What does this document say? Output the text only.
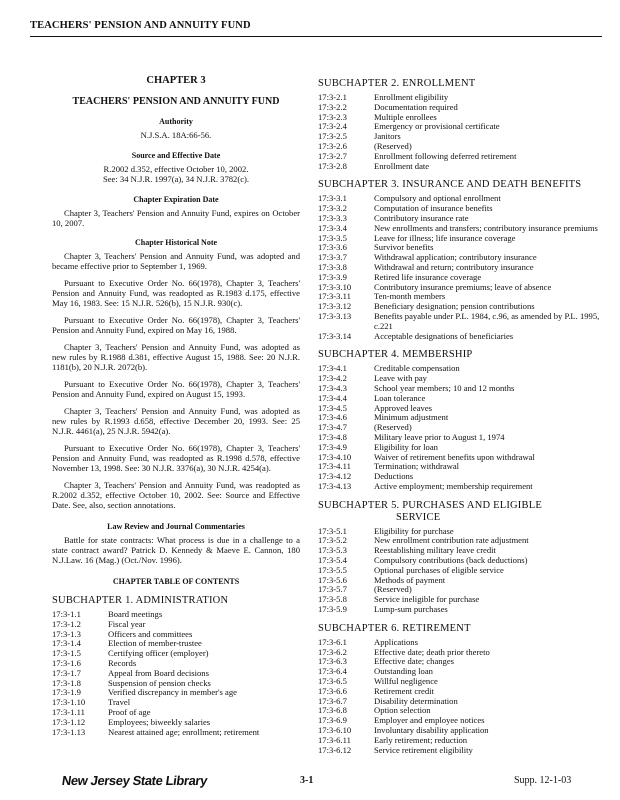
TEACHERS' PENSION AND ANNUITY FUND
CHAPTER 3
TEACHERS' PENSION AND ANNUITY FUND
Authority
N.J.S.A. 18A:66-56.
Source and Effective Date
R.2002 d.352, effective October 10, 2002.
See: 34 N.J.R. 1997(a), 34 N.J.R. 3782(c).
Chapter Expiration Date
Chapter 3, Teachers' Pension and Annuity Fund, expires on October 10, 2007.
Chapter Historical Note
Chapter 3, Teachers' Pension and Annuity Fund, was adopted and became effective prior to September 1, 1969.
Pursuant to Executive Order No. 66(1978), Chapter 3, Teachers' Pension and Annuity Fund, was readopted as R.1983 d.175, effective May 16, 1983. See: 15 N.J.R. 526(b), 15 N.J.R. 930(c).
Pursuant to Executive Order No. 66(1978), Chapter 3, Teachers' Pension and Annuity Fund, expired on May 16, 1988.
Chapter 3, Teachers' Pension and Annuity Fund, was adopted as new rules by R.1988 d.381, effective August 15, 1988. See: 20 N.J.R. 1181(b), 20 N.J.R. 2072(b).
Pursuant to Executive Order No. 66(1978), Chapter 3, Teachers' Pension and Annuity Fund, expired on August 15, 1993.
Chapter 3, Teachers' Pension and Annuity Fund, was adopted as new rules by R.1993 d.658, effective December 20, 1993. See: 25 N.J.R. 4461(a), 25 N.J.R. 5942(a).
Pursuant to Executive Order No. 66(1978), Chapter 3, Teachers' Pension and Annuity Fund, was readopted as R.1998 d.578, effective November 13, 1998. See: 30 N.J.R. 3376(a), 30 N.J.R. 4254(a).
Chapter 3, Teachers' Pension and Annuity Fund, was readopted as R.2002 d.352, effective October 10, 2002. See: Source and Effective Date. See, also, section annotations.
Law Review and Journal Commentaries
Battle for state contracts: What process is due in a challenge to a state contract award? Patrick D. Kennedy & Maeve E. Cannon, 180 N.J.Law. 16 (Mag.) (Oct./Nov. 1996).
CHAPTER TABLE OF CONTENTS
SUBCHAPTER 1. ADMINISTRATION
17:3-1.1	Board meetings
17:3-1.2	Fiscal year
17:3-1.3	Officers and committees
17:3-1.4	Election of member-trustee
17:3-1.5	Certifying officer (employer)
17:3-1.6	Records
17:3-1.7	Appeal from Board decisions
17:3-1.8	Suspension of pension checks
17:3-1.9	Verified discrepancy in member's age
17:3-1.10	Travel
17:3-1.11	Proof of age
17:3-1.12	Employees; biweekly salaries
17:3-1.13	Nearest attained age; enrollment; retirement
SUBCHAPTER 2. ENROLLMENT
17:3-2.1	Enrollment eligibility
17:3-2.2	Documentation required
17:3-2.3	Multiple enrollees
17:3-2.4	Emergency or provisional certificate
17:3-2.5	Janitors
17:3-2.6	(Reserved)
17:3-2.7	Enrollment following deferred retirement
17:3-2.8	Enrollment date
SUBCHAPTER 3. INSURANCE AND DEATH BENEFITS
17:3-3.1	Compulsory and optional enrollment
17:3-3.2	Computation of insurance benefits
17:3-3.3	Contributory insurance rate
17:3-3.4	New enrollments and transfers; contributory insurance premiums
17:3-3.5	Leave for illness; life insurance coverage
17:3-3.6	Survivor benefits
17:3-3.7	Withdrawal application; contributory insurance
17:3-3.8	Withdrawal and return; contributory insurance
17:3-3.9	Retired life insurance coverage
17:3-3.10	Contributory insurance premiums; leave of absence
17:3-3.11	Ten-month members
17:3-3.12	Beneficiary designation; pension contributions
17:3-3.13	Benefits payable under P.L. 1984, c.96, as amended by P.L. 1995, c.221
17:3-3.14	Acceptable designations of beneficiaries
SUBCHAPTER 4. MEMBERSHIP
17:3-4.1	Creditable compensation
17:3-4.2	Leave with pay
17:3-4.3	School year members; 10 and 12 months
17:3-4.4	Loan tolerance
17:3-4.5	Approved leaves
17:3-4.6	Minimum adjustment
17:3-4.7	(Reserved)
17:3-4.8	Military leave prior to August 1, 1974
17:3-4.9	Eligibility for loan
17:3-4.10	Waiver of retirement benefits upon withdrawal
17:3-4.11	Termination; withdrawal
17:3-4.12	Deductions
17:3-4.13	Active employment; membership requirement
SUBCHAPTER 5. PURCHASES AND ELIGIBLE
SERVICE
17:3-5.1	Eligibility for purchase
17:3-5.2	New enrollment contribution rate adjustment
17:3-5.3	Reestablishing military leave credit
17:3-5.4	Compulsory contributions (back deductions)
17:3-5.5	Optional purchases of eligible service
17:3-5.6	Methods of payment
17:3-5.7	(Reserved)
17:3-5.8	Service ineligible for purchase
17:3-5.9	Lump-sum purchases
SUBCHAPTER 6. RETIREMENT
17:3-6.1	Applications
17:3-6.2	Effective date; death prior thereto
17:3-6.3	Effective date; changes
17:3-6.4	Outstanding loan
17:3-6.5	Willful negligence
17:3-6.6	Retirement credit
17:3-6.7	Disability determination
17:3-6.8	Option selection
17:3-6.9	Employer and employee notices
17:3-6.10	Involuntary disability application
17:3-6.11	Early retirement; reduction
17:3-6.12	Service retirement eligibility
New Jersey State Library	3-1	Supp. 12-1-03
